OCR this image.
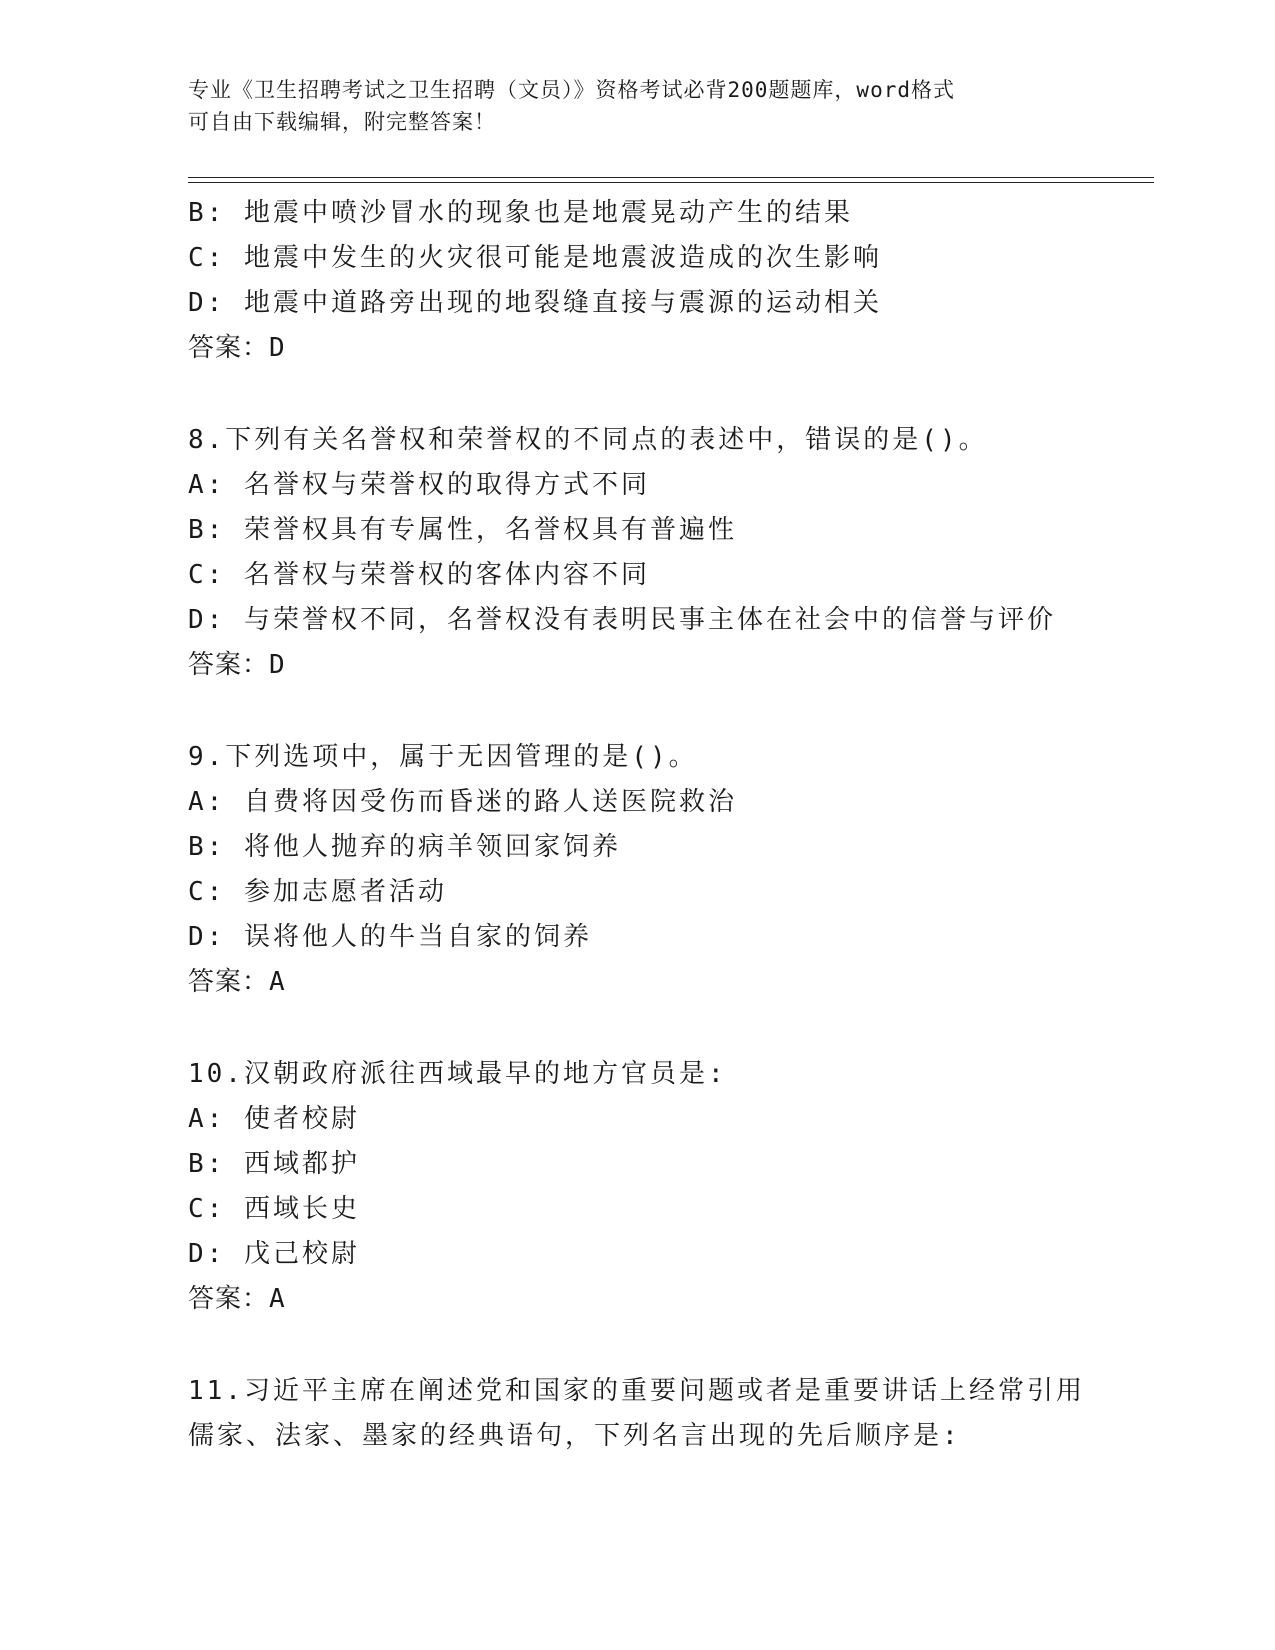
专业《卫生招聘考试之卫生招聘（文员）》资格考试必背200题题库，word格式
可自由下载编辑，附完整答案！
B: 地震中喷沙冒水的现象也是地震晃动产生的结果
C: 地震中发生的火灾很可能是地震波造成的次生影响
D: 地震中道路旁出现的地裂缝直接与震源的运动相关
答案：D
8.下列有关名誉权和荣誉权的不同点的表述中，错误的是()。
A: 名誉权与荣誉权的取得方式不同
B: 荣誉权具有专属性，名誉权具有普遍性
C: 名誉权与荣誉权的客体内容不同
D: 与荣誉权不同，名誉权没有表明民事主体在社会中的信誉与评价
答案：D
9.下列选项中，属于无因管理的是()。
A: 自费将因受伤而昏迷的路人送医院救治
B: 将他人抛弃的病羊领回家饲养
C: 参加志愿者活动
D: 误将他人的牛当自家的饲养
答案：A
10.汉朝政府派往西域最早的地方官员是:
A: 使者校尉
B: 西域都护
C: 西域长史
D: 戊己校尉
答案：A
11.习近平主席在阐述党和国家的重要问题或者是重要讲话上经常引用
儒家、法家、墨家的经典语句，下列名言出现的先后顺序是:
